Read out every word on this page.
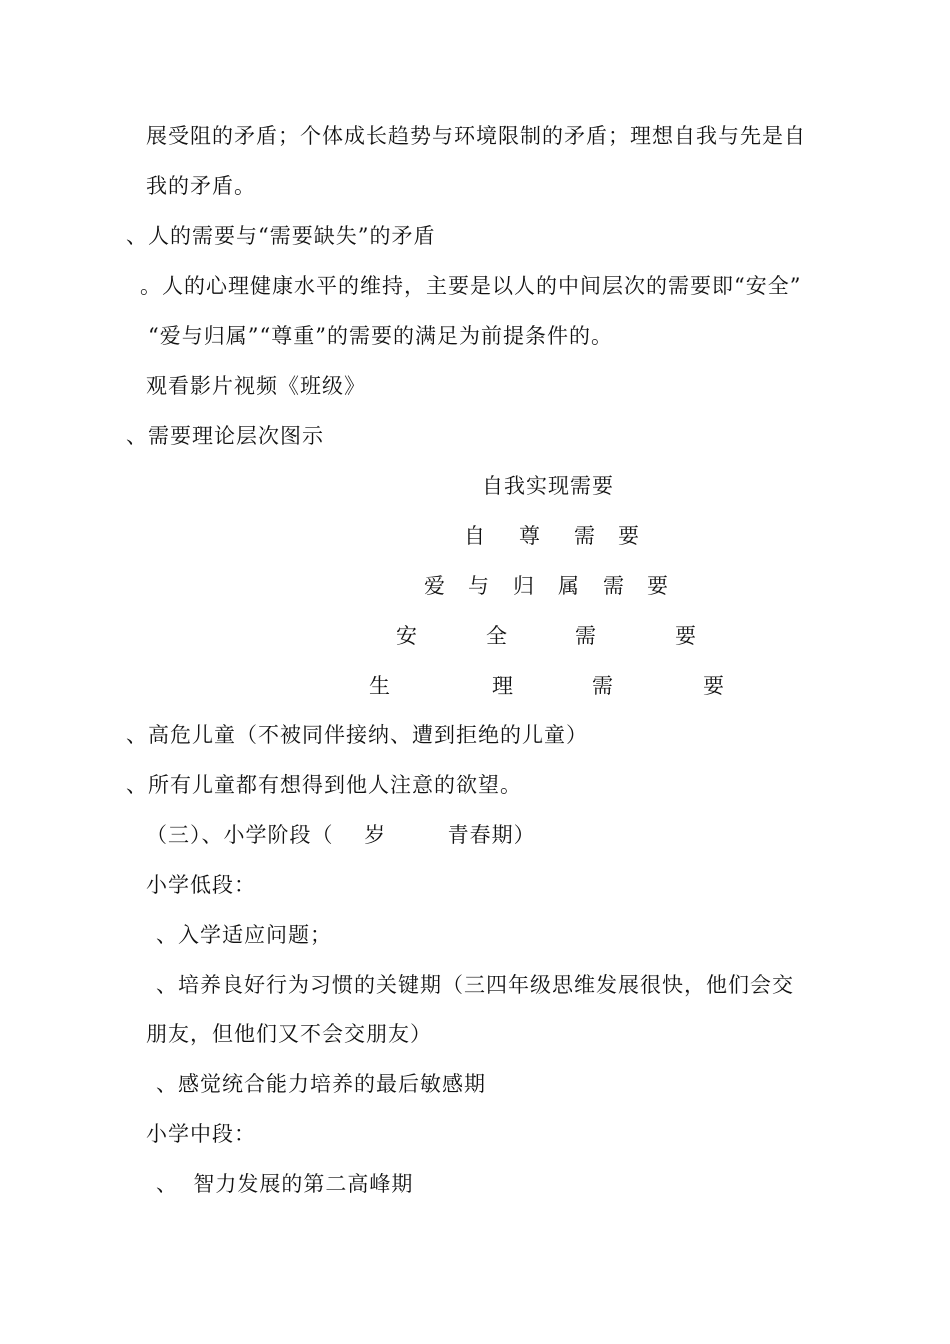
展受阻的矛盾；个体成长趋势与环境限制的矛盾；理想自我与先是自
我的矛盾。
、人的需要与“需要缺失”的矛盾
。人的心理健康水平的维持，主要是以人的中间层次的需要即“安全”
“爱与归属”“尊重”的需要的满足为前提条件的。
观看影片视频《班级》
、需要理论层次图示
自我实现需要
自 尊 需 要
爱 与 归 属 需 要
安	全	需	要
生	理	需	要
、高危儿童（不被同伴接纳、遭到拒绝的儿童）
、所有儿童都有想得到他人注意的欲望。
（三）、小学阶段（    岁        青春期）
小学低段：
、入学适应问题；
、培养良好行为习惯的关键期（三四年级思维发展很快，他们会交
朋友，但他们又不会交朋友）
、感觉统合能力培养的最后敏感期
小学中段：
、  智力发展的第二高峰期
